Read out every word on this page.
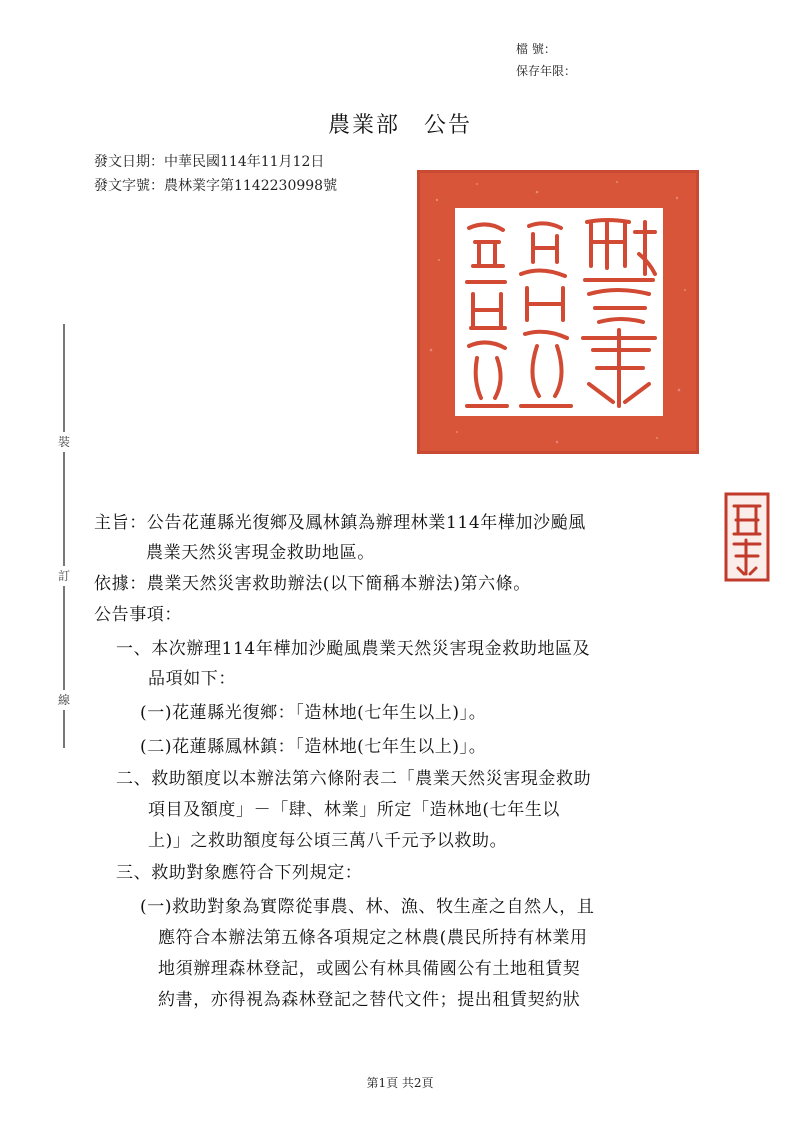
檔 號：
保存年限：
農業部　公告
發文日期：中華民國114年11月12日
發文字號：農林業字第1142230998號
裝
訂
線
主旨：公告花蓮縣光復鄉及鳳林鎮為辦理林業114年樺加沙颱風
農業天然災害現金救助地區。
依據：農業天然災害救助辦法(以下簡稱本辦法)第六條。
公告事項：
一、本次辦理114年樺加沙颱風農業天然災害現金救助地區及
品項如下：
(一)花蓮縣光復鄉：「造林地(七年生以上)」。
(二)花蓮縣鳳林鎮：「造林地(七年生以上)」。
二、救助額度以本辦法第六條附表二「農業天然災害現金救助
項目及額度」－「肆、林業」所定「造林地(七年生以
上)」之救助額度每公頃三萬八千元予以救助。
三、救助對象應符合下列規定：
(一)救助對象為實際從事農、林、漁、牧生產之自然人，且
應符合本辦法第五條各項規定之林農(農民所持有林業用
地須辦理森林登記，或國公有林具備國公有土地租賃契
約書，亦得視為森林登記之替代文件；提出租賃契約狀
第1頁 共2頁
